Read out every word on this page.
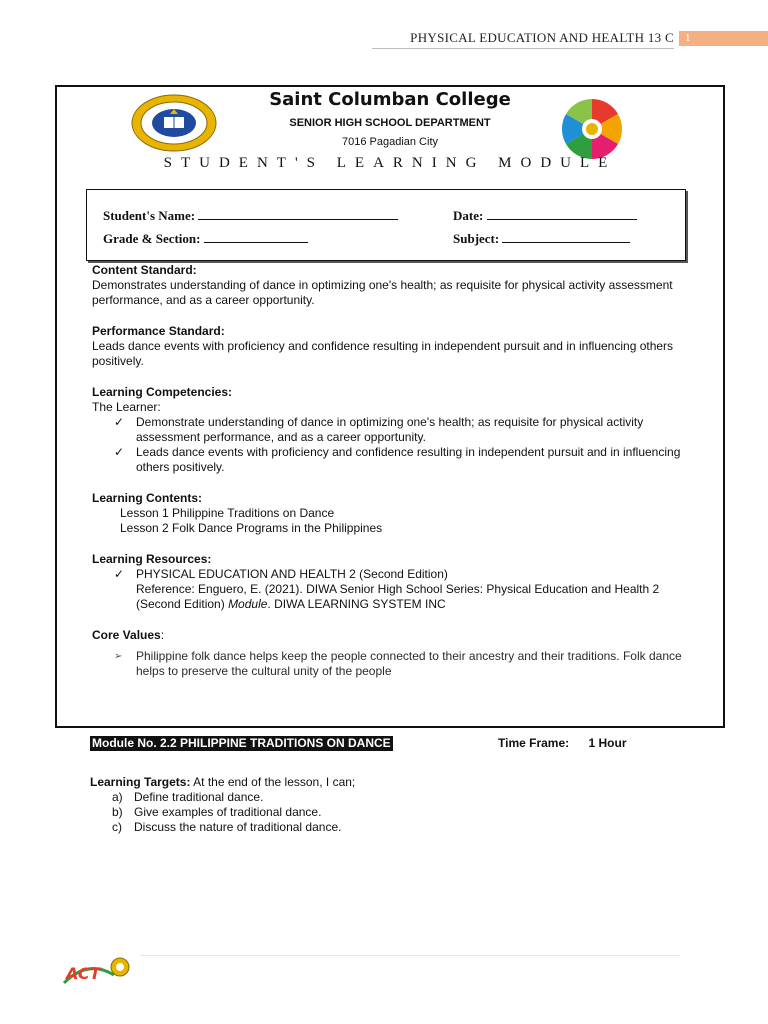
PHYSICAL EDUCATION AND HEALTH 13 C	1
Saint Columban College
SENIOR HIGH SCHOOL DEPARTMENT
7016 Pagadian City
STUDENT'S LEARNING MODULE
Student's Name:	Date:
Grade & Section:	Subject:
Content Standard:
Demonstrates understanding of dance in optimizing one's health; as requisite for physical activity assessment performance, and as a career opportunity.
Performance Standard:
Leads dance events with proficiency and confidence resulting in independent pursuit and in influencing others positively.
Learning Competencies:
The Learner:
✓ Demonstrate understanding of dance in optimizing one's health; as requisite for physical activity assessment performance, and as a career opportunity.
✓ Leads dance events with proficiency and confidence resulting in independent pursuit and in influencing others positively.
Learning Contents:
Lesson 1 Philippine Traditions on Dance
Lesson 2 Folk Dance Programs in the Philippines
Learning Resources:
✓ PHYSICAL EDUCATION AND HEALTH 2 (Second Edition)
Reference: Enguero, E. (2021). DIWA Senior High School Series: Physical Education and Health 2 (Second Edition) Module. DIWA LEARNING SYSTEM INC
Core Values:
➢ Philippine folk dance helps keep the people connected to their ancestry and their traditions. Folk dance helps to preserve the cultural unity of the people
Module No. 2.2 PHILIPPINE TRADITIONS ON DANCE	Time Frame: 1 Hour
Learning Targets: At the end of the lesson, I can;
a) Define traditional dance.
b) Give examples of traditional dance.
c) Discuss the nature of traditional dance.
ACT
